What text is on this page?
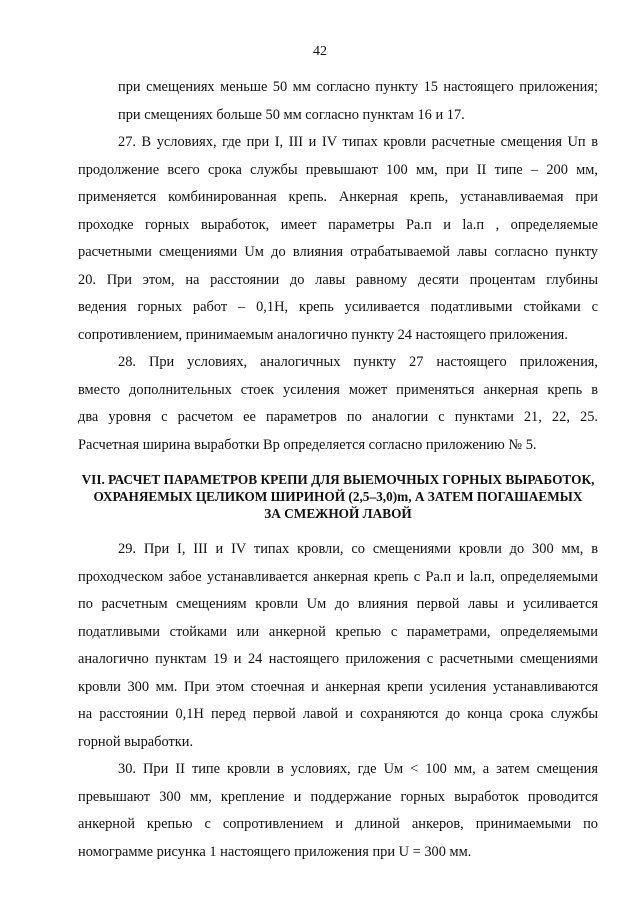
42
при смещениях меньше 50 мм согласно пункту 15 настоящего приложения;
при смещениях больше 50 мм согласно пунктам 16 и 17.
27. В условиях, где при I, III и IV типах кровли расчетные смещения Uп в
продолжение всего срока службы превышают 100 мм, при II типе – 200 мм,
применяется комбинированная крепь. Анкерная крепь, устанавливаемая при
проходке горных выработок, имеет параметры Pа.п и lа.п , определяемые
расчетными смещениями Uм до влияния отрабатываемой лавы согласно пункту
20. При этом, на расстоянии до лавы равному десяти процентам глубины
ведения горных работ – 0,1H, крепь усиливается податливыми стойками с
сопротивлением, принимаемым аналогично пункту 24 настоящего приложения.
28. При условиях, аналогичных пункту 27 настоящего приложения,
вместо дополнительных стоек усиления может применяться анкерная крепь в
два уровня с расчетом ее параметров по аналогии с пунктами 21, 22, 25.
Расчетная ширина выработки Bр определяется согласно приложению № 5.
VII. РАСЧЕТ ПАРАМЕТРОВ КРЕПИ ДЛЯ ВЫЕМОЧНЫХ ГОРНЫХ ВЫРАБОТОК,
ОХРАНЯЕМЫХ ЦЕЛИКОМ ШИРИНОЙ (2,5–3,0)m, А ЗАТЕМ ПОГАШАЕМЫХ
ЗА СМЕЖНОЙ ЛАВОЙ
29. При I, III и IV типах кровли, со смещениями кровли до 300 мм, в
проходческом забое устанавливается анкерная крепь с Pа.п и lа.п, определяемыми
по расчетным смещениям кровли Uм до влияния первой лавы и усиливается
податливыми стойками или анкерной крепью с параметрами, определяемыми
аналогично пунктам 19 и 24 настоящего приложения с расчетными смещениями
кровли 300 мм. При этом стоечная и анкерная крепи усиления устанавливаются
на расстоянии 0,1H перед первой лавой и сохраняются до конца срока службы
горной выработки.
30. При II типе кровли в условиях, где Uм < 100 мм, а затем смещения
превышают 300 мм, крепление и поддержание горных выработок проводится
анкерной крепью с сопротивлением и длиной анкеров, принимаемыми по
номограмме рисунка 1 настоящего приложения при U = 300 мм.
